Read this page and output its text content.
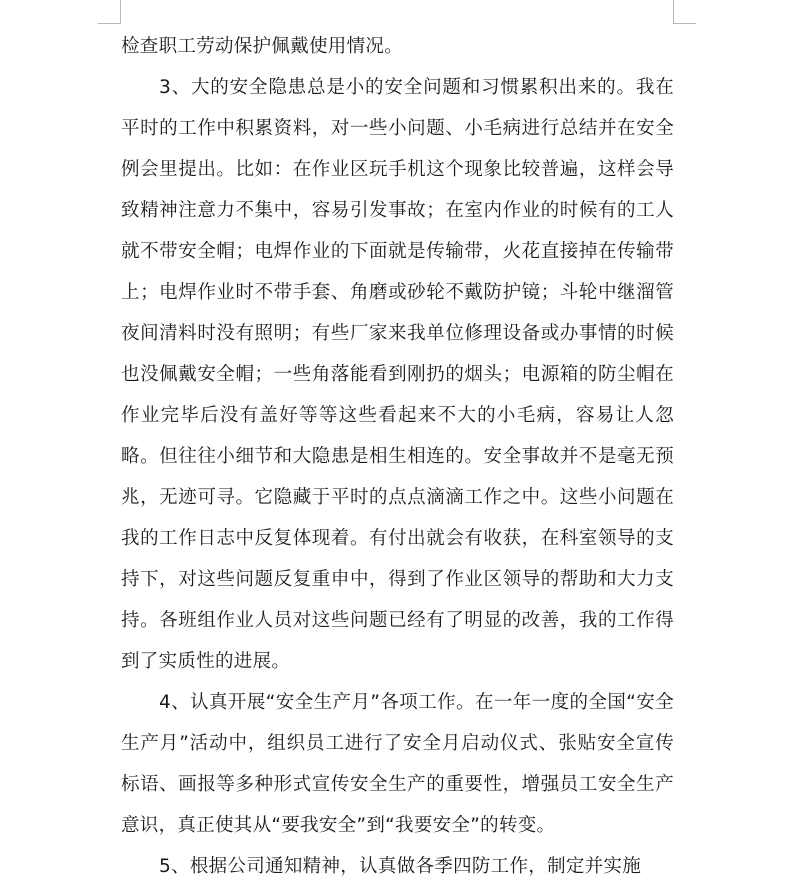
检查职工劳动保护佩戴使用情况。

3、大的安全隐患总是小的安全问题和习惯累积出来的。我在平时的工作中积累资料，对一些小问题、小毛病进行总结并在安全例会里提出。比如：在作业区玩手机这个现象比较普遍，这样会导致精神注意力不集中，容易引发事故；在室内作业的时候有的工人就不带安全帽；电焊作业的下面就是传输带，火花直接掉在传输带上；电焊作业时不带手套、角磨或砂轮不戴防护镜；斗轮中继溜管夜间清料时没有照明；有些厂家来我单位修理设备或办事情的时候也没佩戴安全帽；一些角落能看到刚扔的烟头；电源箱的防尘帽在作业完毕后没有盖好等等这些看起来不大的小毛病，容易让人忽略。但往往小细节和大隐患是相生相连的。安全事故并不是毫无预兆，无迹可寻。它隐藏于平时的点点滴滴工作之中。这些小问题在我的工作日志中反复体现着。有付出就会有收获，在科室领导的支持下，对这些问题反复重申中，得到了作业区领导的帮助和大力支持。各班组作业人员对这些问题已经有了明显的改善，我的工作得到了实质性的进展。

4、认真开展“安全生产月”各项工作。在一年一度的全国“安全生产月”活动中，组织员工进行了安全月启动仪式、张贴安全宣传标语、画报等多种形式宣传安全生产的重要性，增强员工安全生产意识，真正使其从“要我安全”到“我要安全”的转变。

5、根据公司通知精神，认真做各季四防工作，制定并实施
